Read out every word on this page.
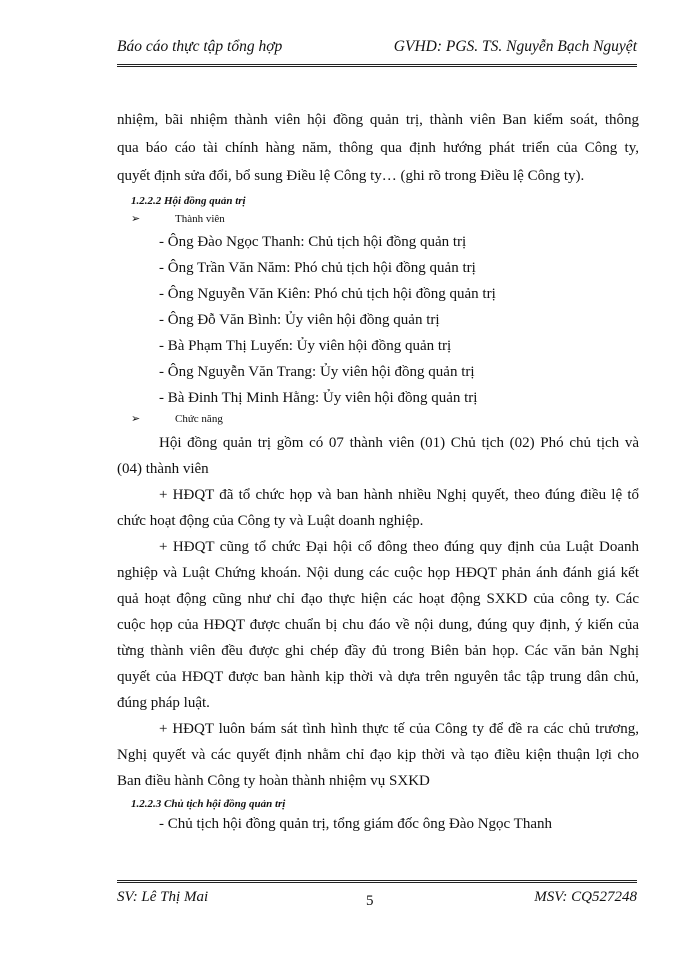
Báo cáo thực tập tổng hợp	GVHD: PGS. TS. Nguyễn Bạch Nguyệt
nhiệm, bãi nhiệm thành viên hội đồng quản trị, thành viên Ban kiểm soát, thông
qua báo cáo tài chính hàng năm, thông qua định hướng phát triển của Công ty,
quyết định sửa đổi, bổ sung Điều lệ Công ty… (ghi rõ trong Điều lệ Công ty).
1.2.2.2 Hội đồng quản trị
➢	Thành viên
- Ông Đào Ngọc Thanh: Chủ tịch hội đồng quản trị
- Ông Trần Văn Năm: Phó chủ tịch hội đồng quản trị
- Ông Nguyễn Văn Kiên: Phó chủ tịch hội đồng quản trị
- Ông Đỗ Văn Bình: Ủy viên hội đồng quản trị
- Bà Phạm Thị Luyến: Ủy viên hội đồng quản trị
- Ông Nguyễn Văn Trang: Ủy viên hội đồng quản trị
- Bà Đinh Thị Minh Hằng: Ủy viên hội đồng quản trị
➢	Chức năng
Hội đồng quản trị gồm có 07 thành viên (01) Chủ tịch (02) Phó chủ tịch và
(04) thành viên
+ HĐQT đã tổ chức họp và ban hành nhiều Nghị quyết, theo đúng điều lệ tổ
chức hoạt động của Công ty và Luật doanh nghiệp.
+ HĐQT cũng tổ chức Đại hội cổ đông theo đúng quy định của Luật Doanh
nghiệp và Luật Chứng khoán. Nội dung các cuộc họp HĐQT phản ánh đánh giá kết
quả hoạt động cũng như chỉ đạo thực hiện các hoạt động SXKD của công ty. Các
cuộc họp của HĐQT được chuẩn bị chu đáo về nội dung, đúng quy định, ý kiến của
từng thành viên đều được ghi chép đầy đủ trong Biên bản họp. Các văn bản Nghị
quyết của HĐQT được ban hành kịp thời và dựa trên nguyên tắc tập trung dân chủ,
đúng pháp luật.
+ HĐQT luôn bám sát tình hình thực tế của Công ty để đề ra các chủ trương,
Nghị quyết và các quyết định nhằm chỉ đạo kịp thời và tạo điều kiện thuận lợi cho
Ban điều hành Công ty hoàn thành nhiệm vụ SXKD
1.2.2.3 Chủ tịch hội đồng quản trị
- Chủ tịch hội đồng quản trị, tổng giám đốc ông Đào Ngọc Thanh
SV: Lê Thị Mai	5	MSV: CQ527248
